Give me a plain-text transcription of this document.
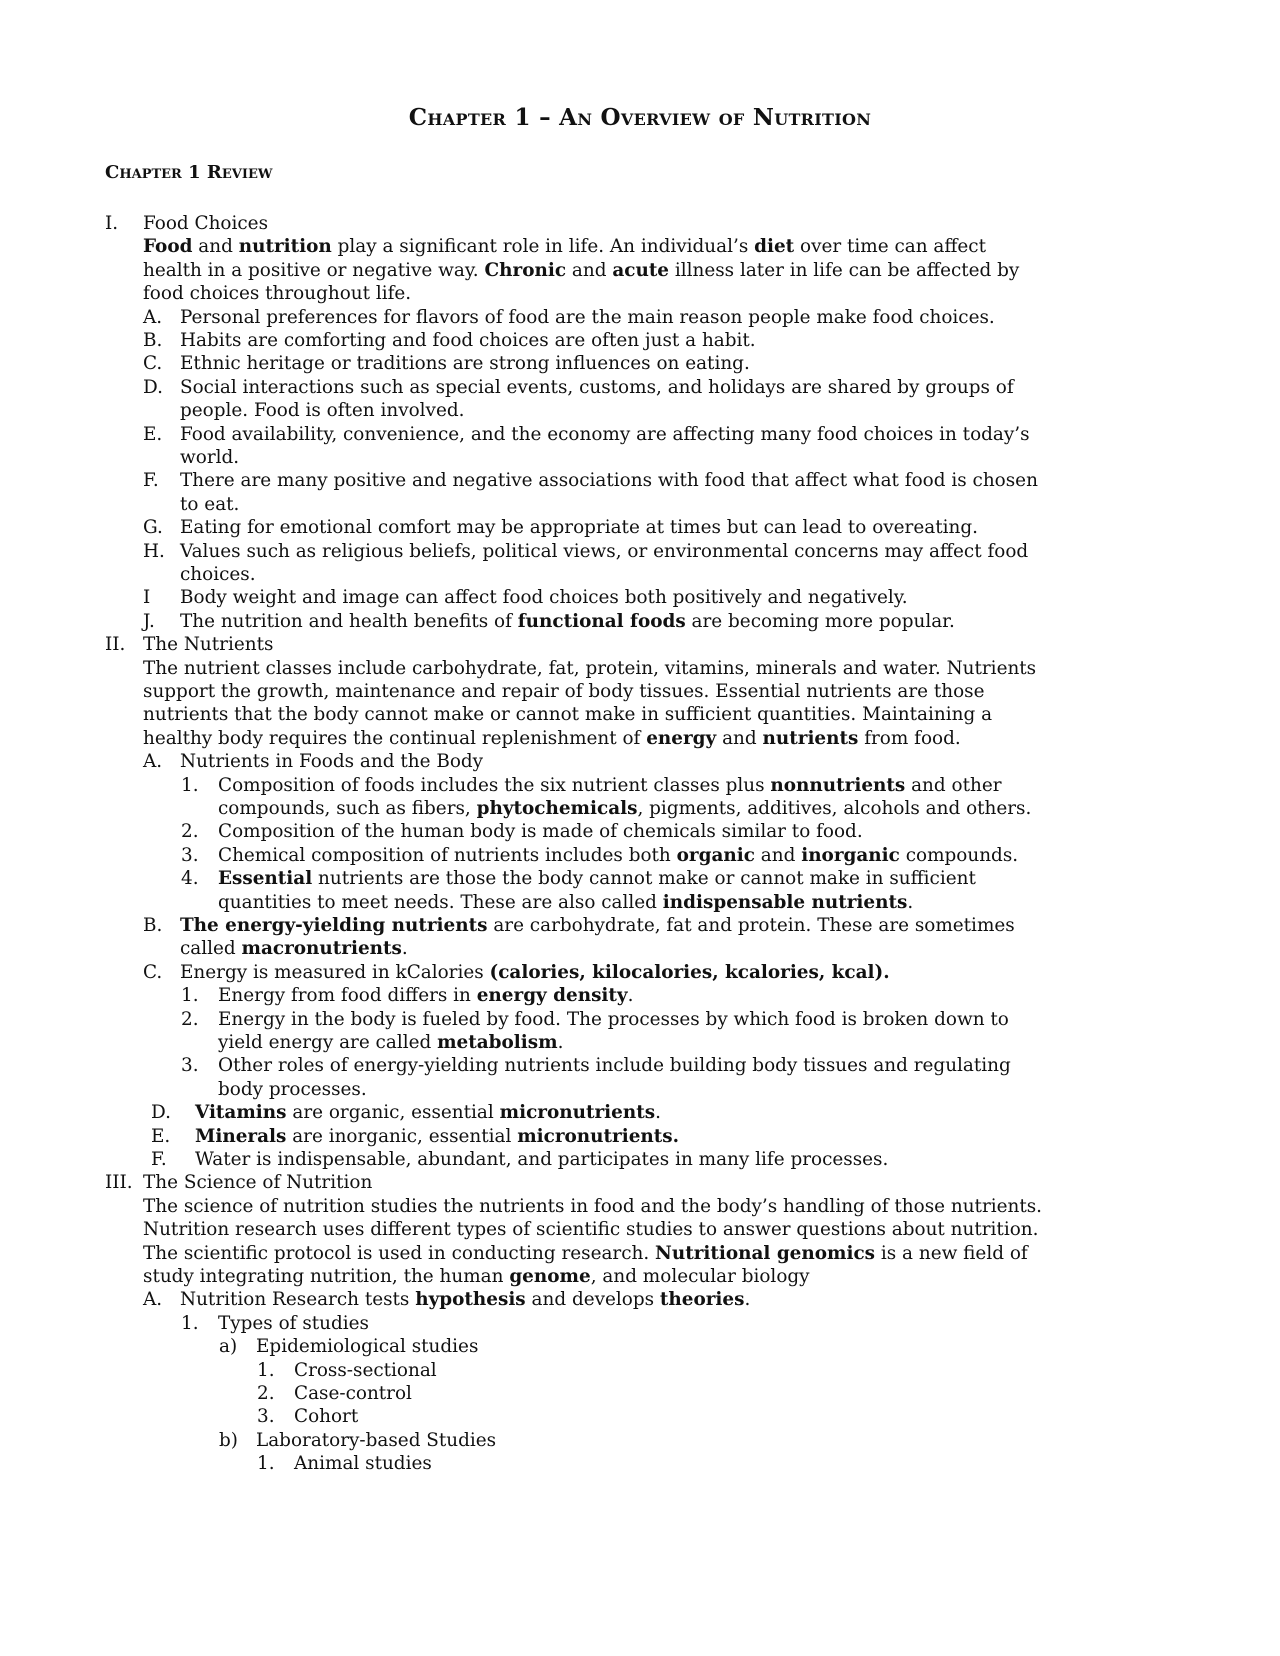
Chapter 1 – An Overview of Nutrition
Chapter 1 Review
I. Food Choices
Food and nutrition play a significant role in life. An individual’s diet over time can affect
health in a positive or negative way. Chronic and acute illness later in life can be affected by
food choices throughout life.
A. Personal preferences for flavors of food are the main reason people make food choices.
B. Habits are comforting and food choices are often just a habit.
C. Ethnic heritage or traditions are strong influences on eating.
D. Social interactions such as special events, customs, and holidays are shared by groups of
people. Food is often involved.
E. Food availability, convenience, and the economy are affecting many food choices in today’s
world.
F. There are many positive and negative associations with food that affect what food is chosen
to eat.
G. Eating for emotional comfort may be appropriate at times but can lead to overeating.
H. Values such as religious beliefs, political views, or environmental concerns may affect food
choices.
I Body weight and image can affect food choices both positively and negatively.
J. The nutrition and health benefits of functional foods are becoming more popular.
II. The Nutrients
The nutrient classes include carbohydrate, fat, protein, vitamins, minerals and water. Nutrients
support the growth, maintenance and repair of body tissues. Essential nutrients are those
nutrients that the body cannot make or cannot make in sufficient quantities. Maintaining a
healthy body requires the continual replenishment of energy and nutrients from food.
A. Nutrients in Foods and the Body
1. Composition of foods includes the six nutrient classes plus nonnutrients and other
compounds, such as fibers, phytochemicals, pigments, additives, alcohols and others.
2. Composition of the human body is made of chemicals similar to food.
3. Chemical composition of nutrients includes both organic and inorganic compounds.
4. Essential nutrients are those the body cannot make or cannot make in sufficient
quantities to meet needs. These are also called indispensable nutrients.
B. The energy-yielding nutrients are carbohydrate, fat and protein. These are sometimes
called macronutrients.
C. Energy is measured in kCalories (calories, kilocalories, kcalories, kcal).
1. Energy from food differs in energy density.
2. Energy in the body is fueled by food. The processes by which food is broken down to
yield energy are called metabolism.
3. Other roles of energy-yielding nutrients include building body tissues and regulating
body processes.
D. Vitamins are organic, essential micronutrients.
E. Minerals are inorganic, essential micronutrients.
F. Water is indispensable, abundant, and participates in many life processes.
III. The Science of Nutrition
The science of nutrition studies the nutrients in food and the body’s handling of those nutrients.
Nutrition research uses different types of scientific studies to answer questions about nutrition.
The scientific protocol is used in conducting research. Nutritional genomics is a new field of
study integrating nutrition, the human genome, and molecular biology
A. Nutrition Research tests hypothesis and develops theories.
1. Types of studies
a) Epidemiological studies
1. Cross-sectional
2. Case-control
3. Cohort
b) Laboratory-based Studies
1. Animal studies
